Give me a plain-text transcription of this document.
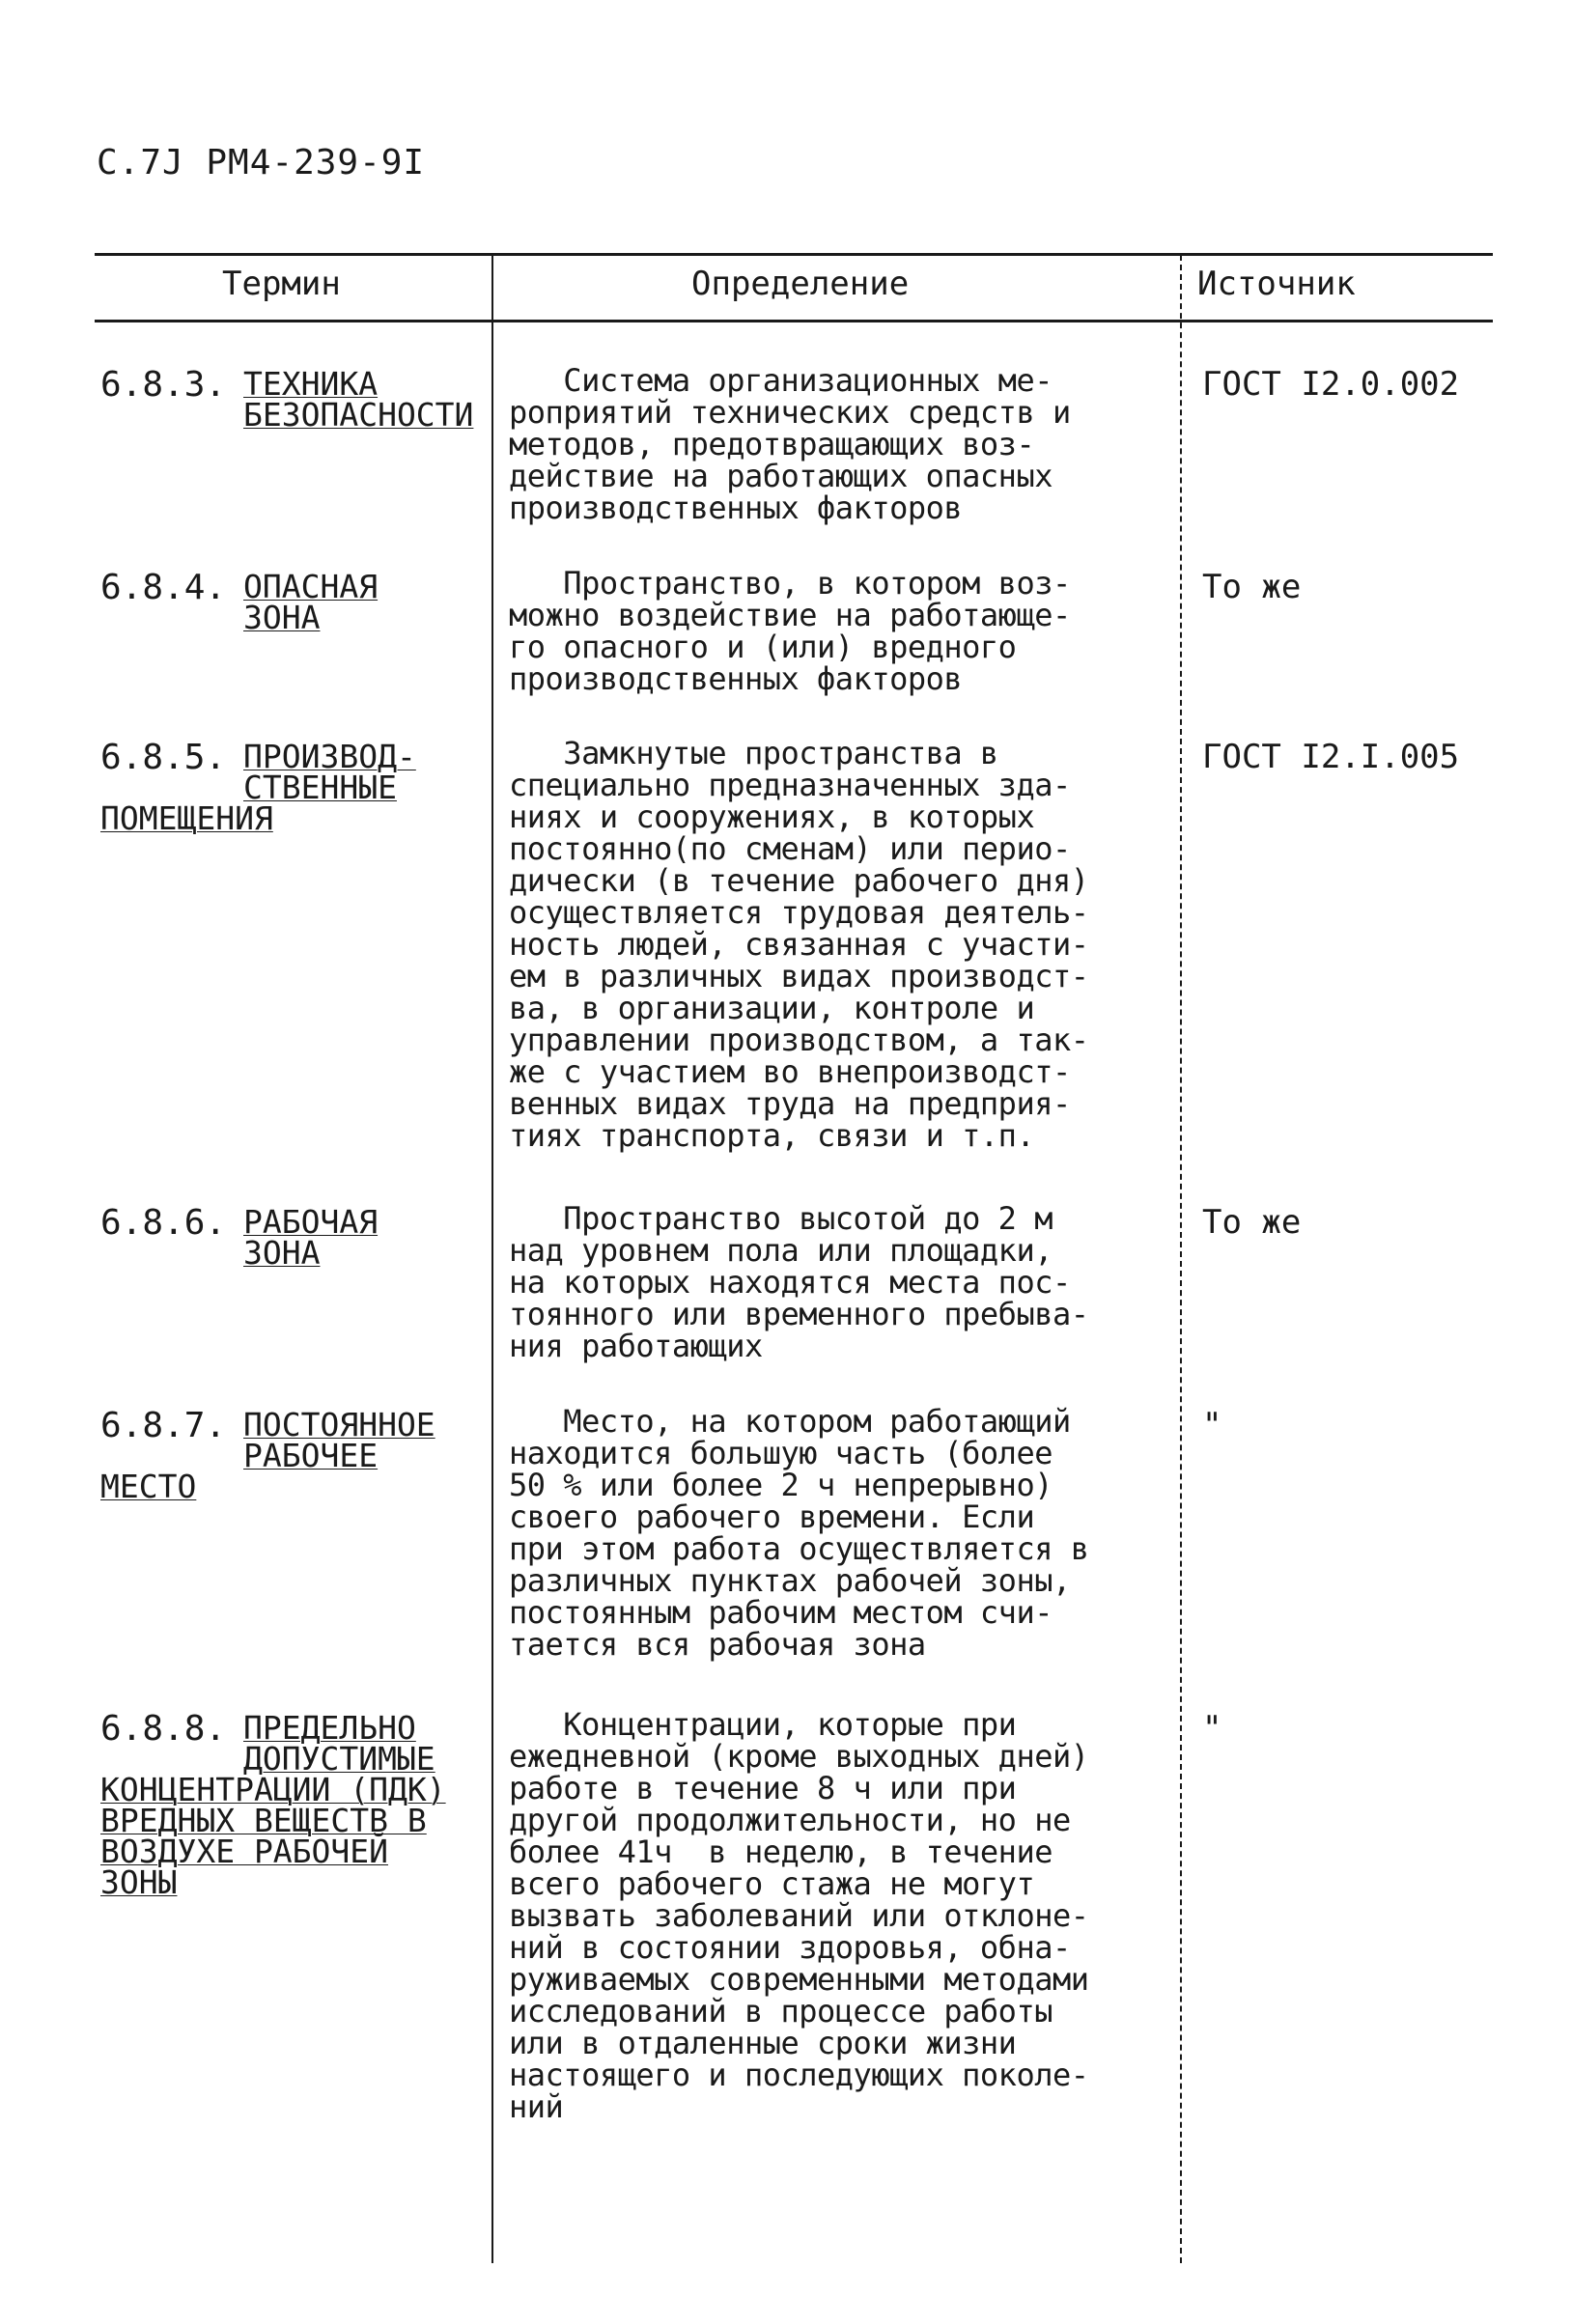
С.7Ј РМ4-239-9І
Термин	Определение	Источник
6.8.3. ТЕХНИКА
БЕЗОПАСНОСТИ
Система организационных ме-
роприятий технических средств и
методов, предотвращающих воз-
действие на работающих опасных
производственных факторов
ГОСТ І2.0.002
6.8.4. ОПАСНАЯ
ЗОНА
Пространство, в котором воз-
можно воздействие на работающе-
го опасного и (или) вредного
производственных факторов
То же
6.8.5. ПРОИЗВОД-
СТВЕННЫЕ
ПОМЕЩЕНИЯ
Замкнутые пространства в
специально предназначенных зда-
ниях и сооружениях, в которых
постоянно(по сменам) или перио-
дически (в течение рабочего дня)
осуществляется трудовая деятель-
ность людей, связанная с участи-
ем в различных видах производст-
ва, в организации, контроле и
управлении производством, а так-
же с участием во внепроизводст-
венных видах труда на предприя-
тиях транспорта, связи и т.п.
ГОСТ І2.І.005
6.8.6. РАБОЧАЯ
ЗОНА
Пространство высотой до 2 м
над уровнем пола или площадки,
на которых находятся места пос-
тоянного или временного пребыва-
ния работающих
То же
6.8.7. ПОСТОЯННОЕ
РАБОЧЕЕ
МЕСТО
Место, на котором работающий
находится большую часть (более
50 % или более 2 ч непрерывно)
своего рабочего времени. Если
при этом работа осуществляется в
различных пунктах рабочей зоны,
постоянным рабочим местом счи-
тается вся рабочая зона
"
6.8.8. ПРЕДЕЛЬНО
ДОПУСТИМЫЕ
КОНЦЕНТРАЦИИ (ПДК)
ВРЕДНЫХ ВЕЩЕСТВ В
ВОЗДУХЕ РАБОЧЕЙ
ЗОНЫ
Концентрации, которые при
ежедневной (кроме выходных дней)
работе в течение 8 ч или при
другой продолжительности, но не
более 41ч  в неделю, в течение
всего рабочего стажа не могут
вызвать заболеваний или отклоне-
ний в состоянии здоровья, обна-
руживаемых современными методами
исследований в процессе работы
или в отдаленные сроки жизни
настоящего и последующих поколе-
ний
"
